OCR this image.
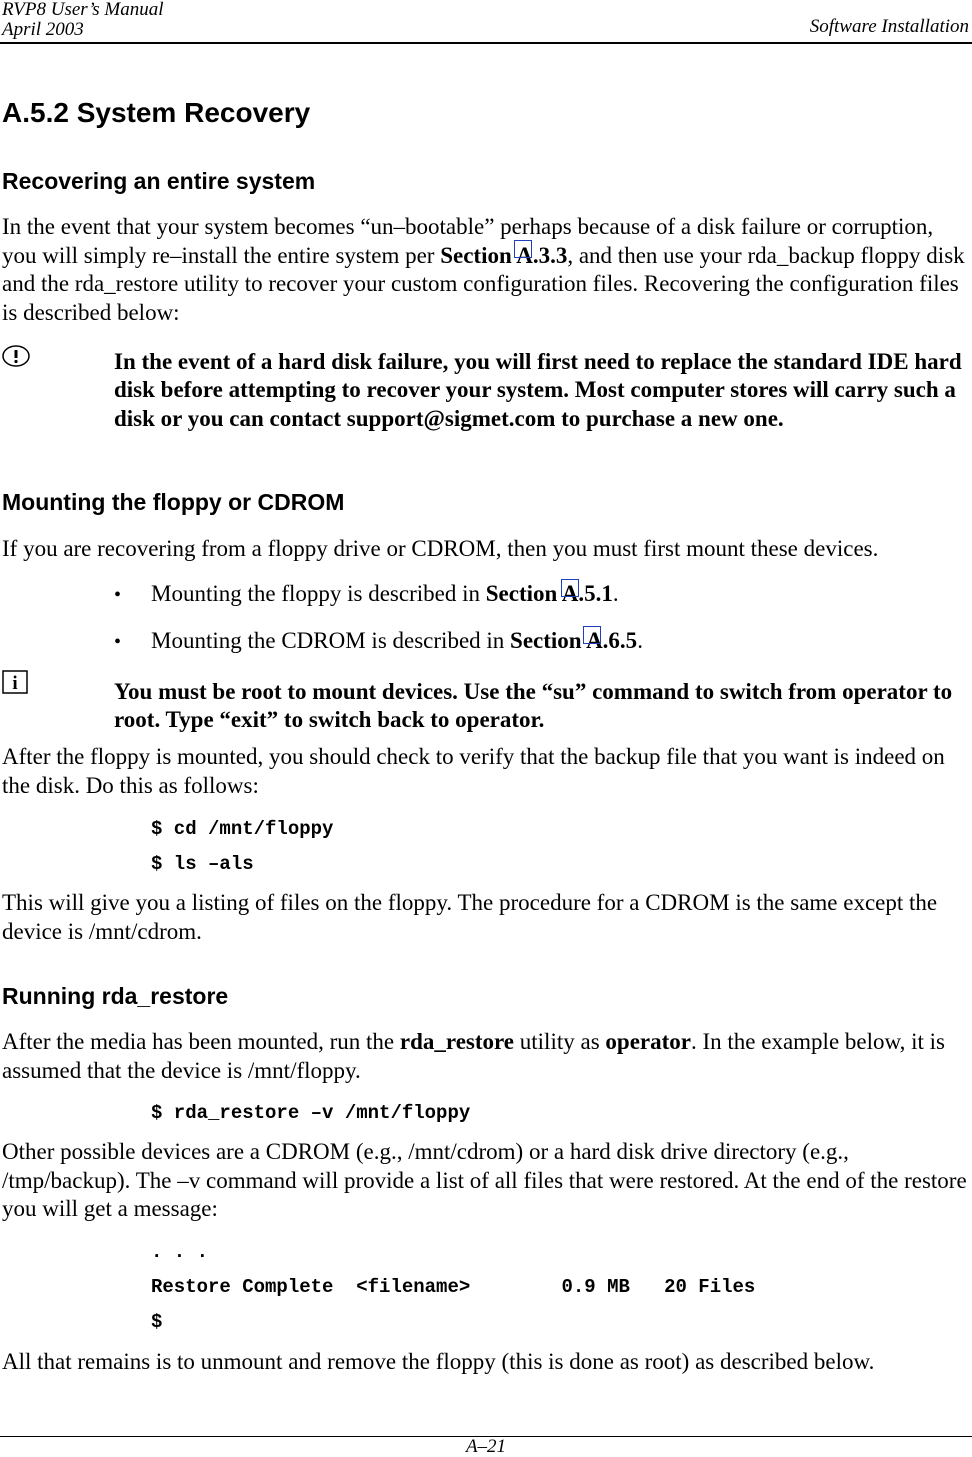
RVP8 User’s Manual
April 2003	Software Installation
A.5.2 System Recovery
Recovering an entire system
In the event that your system becomes “un–bootable” perhaps because of a disk failure or corruption, you will simply re–install the entire system per Section A.3.3
, and then use your rda_backup floppy disk and the rda_restore utility to recover your custom configuration files. Recovering the configuration files is described below:
In the event of a hard disk failure, you will first need to replace the standard IDE hard disk before attempting to recover your system. Most computer stores will carry such a disk or you can contact support@sigmet.com to purchase a new one.
Mounting the floppy or CDROM
If you are recovering from a floppy drive or CDROM, then you must first mount these devices.
• Mounting the floppy is described in Section A.5.1
.
• Mounting the CDROM is described in Section A.6.5
.
i	You must be root to mount devices. Use the “su” command to switch from operator to root. Type “exit” to switch back to operator.
After the floppy is mounted, you should check to verify that the backup file that you want is indeed on the disk. Do this as follows:
$ cd /mnt/floppy
$ ls –als
This will give you a listing of files on the floppy. The procedure for a CDROM is the same except the device is /mnt/cdrom.
Running rda_restore
After the media has been mounted, run the rda_restore utility as operator. In the example below, it is assumed that the device is /mnt/floppy.
$ rda_restore –v /mnt/floppy
Other possible devices are a CDROM (e.g., /mnt/cdrom) or a hard disk drive directory (e.g., /tmp/backup). The –v command will provide a list of all files that were restored. At the end of the restore you will get a message:
. . .
Restore Complete  <filename>        0.9 MB   20 Files
$
All that remains is to unmount and remove the floppy (this is done as root) as described below.
A–21
